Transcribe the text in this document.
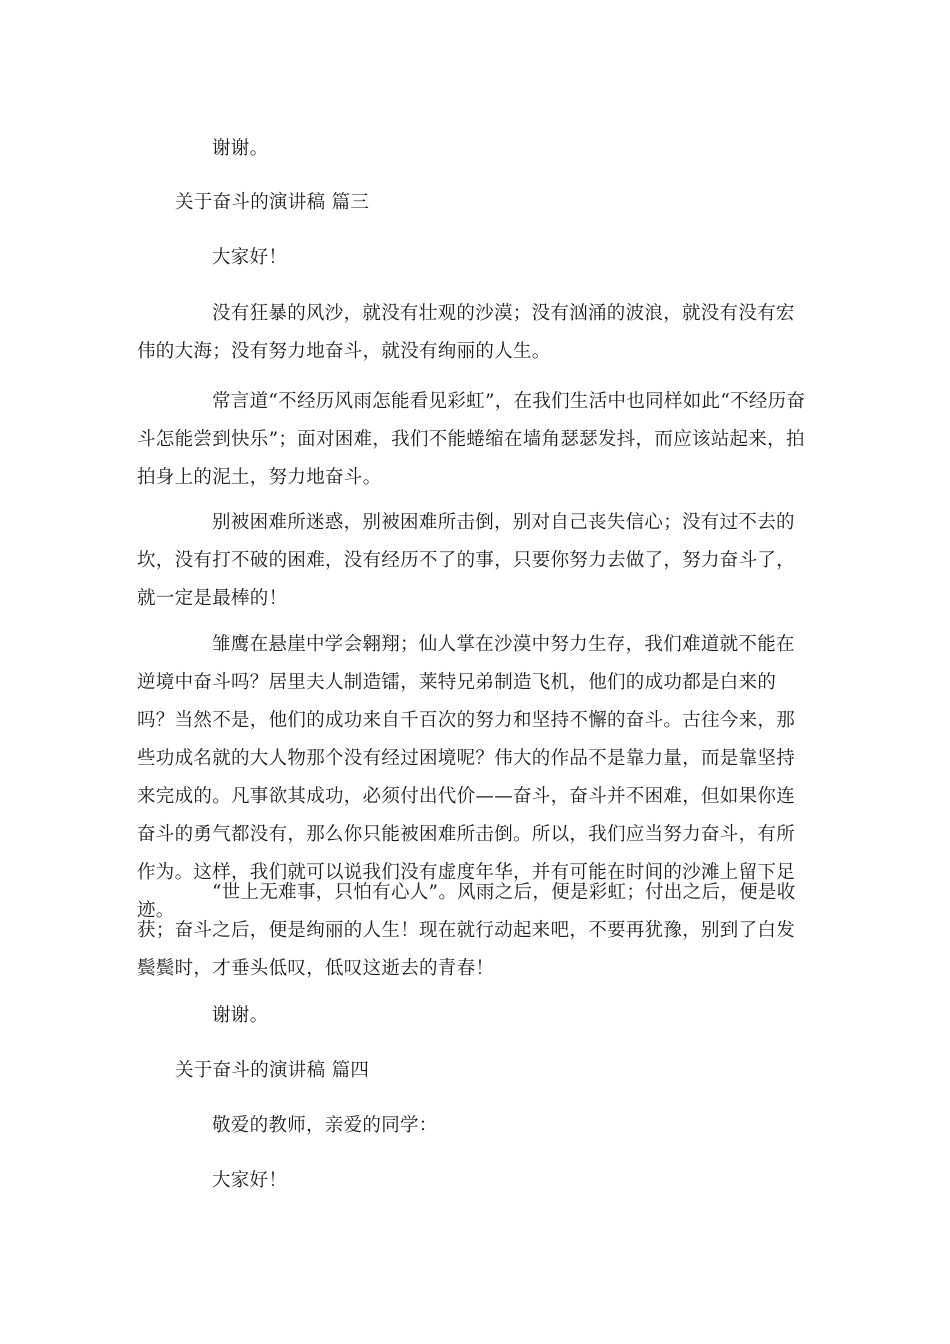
谢谢。

关于奋斗的演讲稿 篇三

大家好！

没有狂暴的风沙，就没有壮观的沙漠；没有汹涌的波浪，就没有没有宏伟的大海；没有努力地奋斗，就没有绚丽的人生。

常言道“不经历风雨怎能看见彩虹”，在我们生活中也同样如此“不经历奋斗怎能尝到快乐”；面对困难，我们不能蜷缩在墙角瑟瑟发抖，而应该站起来，拍拍身上的泥土，努力地奋斗。

别被困难所迷惑，别被困难所击倒，别对自己丧失信心；没有过不去的坎，没有打不破的困难，没有经历不了的事，只要你努力去做了，努力奋斗了，就一定是最棒的！

雏鹰在悬崖中学会翱翔；仙人掌在沙漠中努力生存，我们难道就不能在逆境中奋斗吗？居里夫人制造镭，莱特兄弟制造飞机，他们的成功都是白来的吗？当然不是，他们的成功来自千百次的努力和坚持不懈的奋斗。古往今来，那些功成名就的大人物那个没有经过困境呢？伟大的作品不是靠力量，而是靠坚持来完成的。凡事欲其成功，必须付出代价——奋斗，奋斗并不困难，但如果你连奋斗的勇气都没有，那么你只能被困难所击倒。所以，我们应当努力奋斗，有所作为。这样，我们就可以说我们没有虚度年华，并有可能在时间的沙滩上留下足迹。

“世上无难事，只怕有心人”。风雨之后，便是彩虹；付出之后，便是收获；奋斗之后，便是绚丽的人生！现在就行动起来吧，不要再犹豫，别到了白发鬓鬓时，才垂头低叹，低叹这逝去的青春！

谢谢。

关于奋斗的演讲稿 篇四

敬爱的教师，亲爱的同学：

大家好！
